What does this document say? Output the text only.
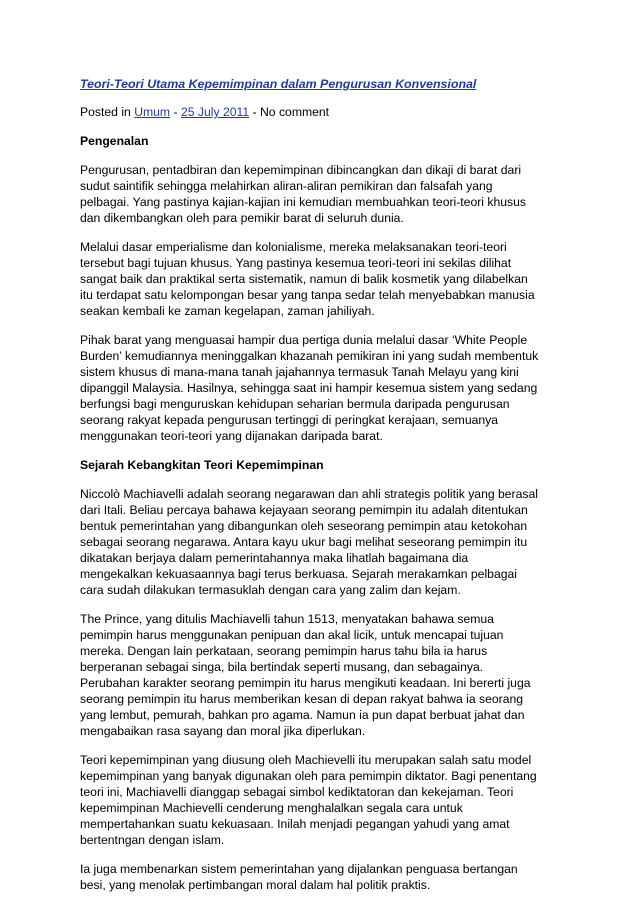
Teori-Teori Utama Kepemimpinan dalam Pengurusan Konvensional
Posted in Umum - 25 July 2011 - No comment
Pengenalan

Pengurusan, pentadbiran dan kepemimpinan dibincangkan dan dikaji di barat dari sudut saintifik sehingga melahirkan aliran-aliran pemikiran dan falsafah yang pelbagai. Yang pastinya kajian-kajian ini kemudian membuahkan teori-teori khusus dan dikembangkan oleh para pemikir barat di seluruh dunia.

Melalui dasar emperialisme dan kolonialisme, mereka melaksanakan teori-teori tersebut bagi tujuan khusus. Yang pastinya kesemua teori-teori ini sekilas dilihat sangat baik dan praktikal serta sistematik, namun di balik kosmetik yang dilabelkan itu terdapat satu kelompongan besar yang tanpa sedar telah menyebabkan manusia seakan kembali ke zaman kegelapan, zaman jahiliyah.

Pihak barat yang menguasai hampir dua pertiga dunia melalui dasar ‘White People Burden’ kemudiannya meninggalkan khazanah pemikiran ini yang sudah membentuk sistem khusus di mana-mana tanah jajahannya termasuk Tanah Melayu yang kini dipanggil Malaysia. Hasilnya, sehingga saat ini hampir kesemua sistem yang sedang berfungsi bagi menguruskan kehidupan seharian bermula daripada pengurusan seorang rakyat kepada pengurusan tertinggi di peringkat kerajaan, semuanya menggunakan teori-teori yang dijanakan daripada barat.

Sejarah Kebangkitan Teori Kepemimpinan

Niccolò Machiavelli adalah seorang negarawan dan ahli strategis politik yang berasal dari Itali. Beliau percaya bahawa kejayaan seorang pemimpin itu adalah ditentukan bentuk pemerintahan yang dibangunkan oleh seseorang pemimpin atau ketokohan sebagai seorang negarawa. Antara kayu ukur bagi melihat seseorang pemimpin itu dikatakan berjaya dalam pemerintahannya maka lihatlah bagaimana dia mengekalkan kekuasaannya bagi terus berkuasa. Sejarah merakamkan pelbagai cara sudah dilakukan termasuklah dengan cara yang zalim dan kejam.

The Prince, yang ditulis Machiavelli tahun 1513, menyatakan bahawa semua pemimpin harus menggunakan penipuan dan akal licik, untuk mencapai tujuan mereka. Dengan lain perkataan, seorang pemimpin harus tahu bila ia harus berperanan sebagai singa, bila bertindak seperti musang, dan sebagainya. Perubahan karakter seorang pemimpin itu harus mengikuti keadaan. Ini bererti juga seorang pemimpin itu harus memberikan kesan di depan rakyat bahwa ia seorang yang lembut, pemurah, bahkan pro agama. Namun ia pun dapat berbuat jahat dan mengabaikan rasa sayang dan moral jika diperlukan.

Teori kepemimpinan yang diusung oleh Machievelli itu merupakan salah satu model kepemimpinan yang banyak digunakan oleh para pemimpin diktator. Bagi penentang teori ini, Machiavelli dianggap sebagai simbol kediktatoran dan kekejaman. Teori kepemimpinan Machievelli cenderung menghalalkan segala cara untuk mempertahankan suatu kekuasaan. Inilah menjadi pegangan yahudi yang amat bertentngan dengan islam.

Ia juga membenarkan sistem pemerintahan yang dijalankan penguasa bertangan besi, yang menolak pertimbangan moral dalam hal politik praktis.
